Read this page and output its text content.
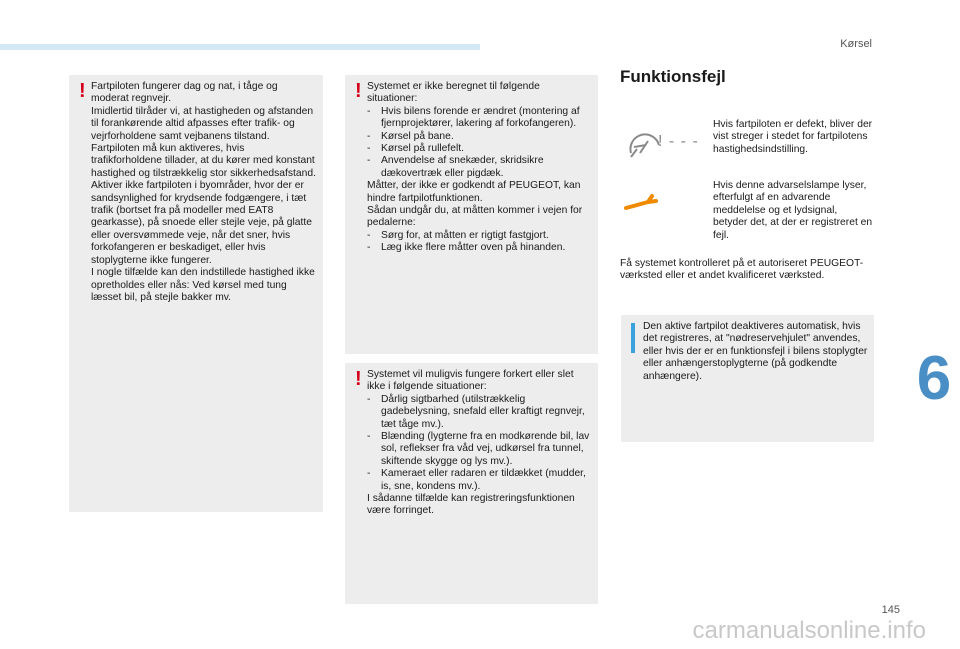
Kørsel
! Fartpiloten fungerer dag og nat, i tåge og moderat regnvejr.

Imidlertid tilråder vi, at hastigheden og afstanden til forankørende altid afpasses efter trafik- og vejrforholdene samt vejbanens tilstand.

Fartpiloten må kun aktiveres, hvis trafikforholdene tillader, at du kører med konstant hastighed og tilstrækkelig stor sikkerhedsafstand.

Aktiver ikke fartpiloten i byområder, hvor der er sandsynlighed for krydsende fodgængere, i tæt trafik (bortset fra på modeller med EAT8 gearkasse), på snoede eller stejle veje, på glatte eller oversvømmede veje, når det sner, hvis forkofangeren er beskadiget, eller hvis stoplygterne ikke fungerer.

I nogle tilfælde kan den indstillede hastighed ikke opretholdes eller nås: Ved kørsel med tung læsset bil, på stejle bakker mv.

! Systemet er ikke beregnet til følgende situationer:

- Hvis bilens forende er ændret (montering af fjernprojektører, lakering af forkofangeren).
- Kørsel på bane.
- Kørsel på rullefelt.
- Anvendelse af snekæder, skridsikre dækovertræk eller pigdæk.

Måtter, der ikke er godkendt af PEUGEOT, kan hindre fartpilotfunktionen.

Sådan undgår du, at måtten kommer i vejen for pedalerne:

- Sørg for, at måtten er rigtigt fastgjort.
- Læg ikke flere måtter oven på hinanden.
! Systemet vil muligvis fungere forkert eller slet ikke i følgende situationer:

- Dårlig sigtbarhed (utilstrækkelig gadebelysning, snefald eller kraftigt regnvejr, tæt tåge mv.).
- Blænding (lygterne fra en modkørende bil, lav sol, reflekser fra våd vej, udkørsel fra tunnel, skiftende skygge og lys mv.).
- Kameraet eller radaren er tildækket (mudder, is, sne, kondens mv.).

I sådanne tilfælde kan registreringsfunktionen være forringet.

Funktionsfejl
! - - -
Hvis fartpiloten er defekt, bliver der vist streger i stedet for fartpilotens hastighedsindstilling.
Hvis denne advarselslampe lyser, efterfulgt af en advarende meddelelse og et lydsignal, betyder det, at der er registreret en fejl.
Få systemet kontrolleret på et autoriseret PEUGEOT-værksted eller et andet kvalificeret værksted.

Den aktive fartpilot deaktiveres automatisk, hvis det registreres, at "nødreservehjulet" anvendes, eller hvis der er en funktionsfejl i bilens stoplygter eller anhængerstoplygterne (på godkendte anhængere).	6
145
carmanualsonline.info
